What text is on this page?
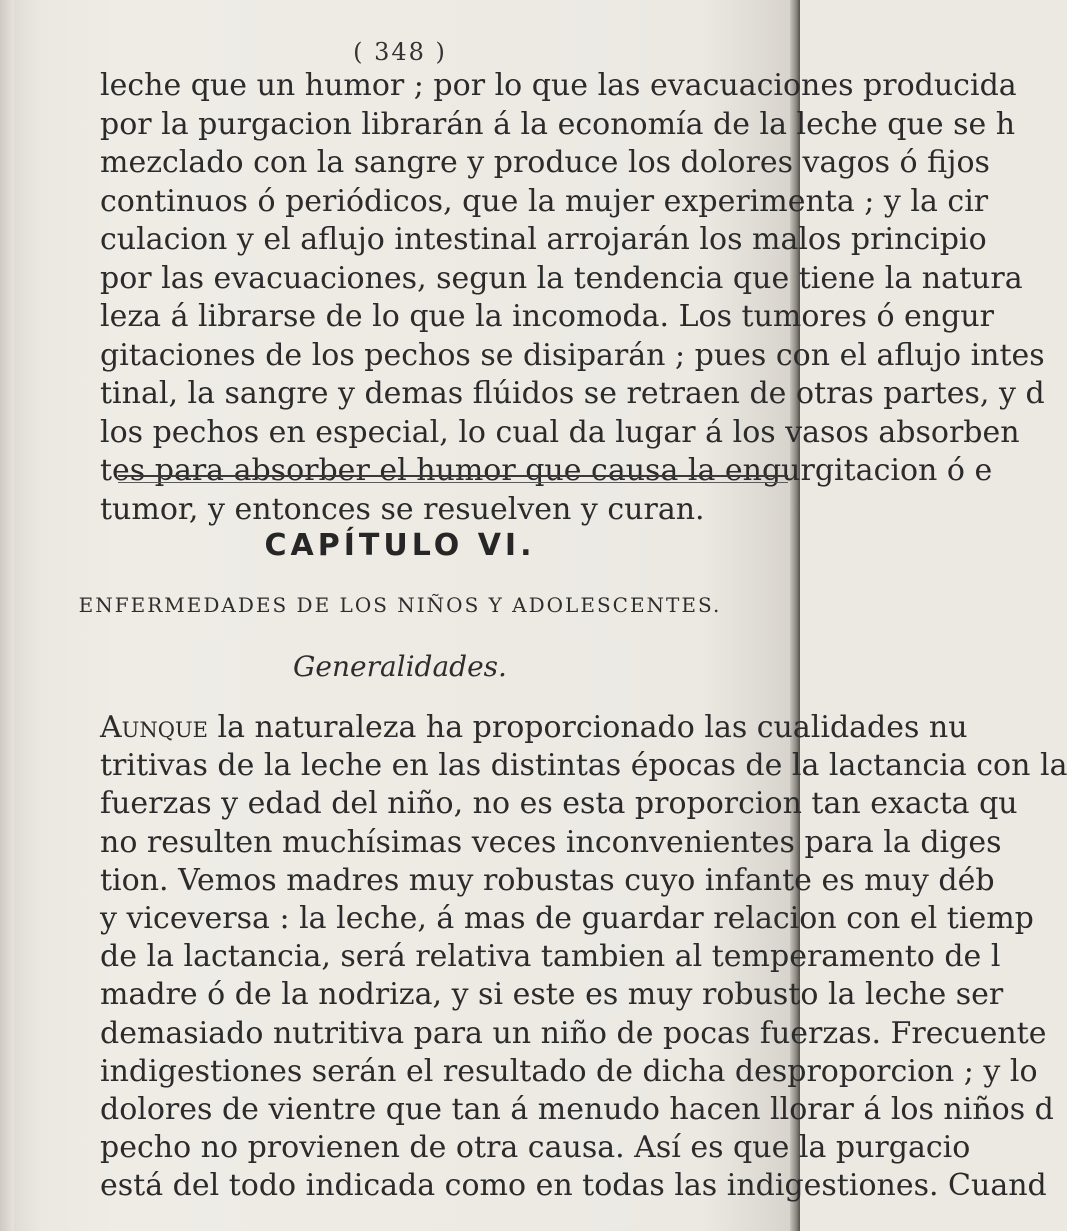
( 348 )
leche que un humor ; por lo que las evacuaciones producida
por la purgacion librarán á la economía de la leche que se h
mezclado con la sangre y produce los dolores vagos ó fijos
continuos ó periódicos, que la mujer experimenta ; y la cir
culacion y el aflujo intestinal arrojarán los malos principio
por las evacuaciones, segun la tendencia que tiene la natura
leza á librarse de lo que la incomoda. Los tumores ó engur
gitaciones de los pechos se disiparán ; pues con el aflujo intes
tinal, la sangre y demas flúidos se retraen de otras partes, y d
los pechos en especial, lo cual da lugar á los vasos absorben
tes para absorber el humor que causa la engurgitacion ó e
tumor, y entonces se resuelven y curan.
CAPÍTULO VI.
ENFERMEDADES DE LOS NIÑOS Y ADOLESCENTES.
Generalidades.
Aunque la naturaleza ha proporcionado las cualidades nu
tritivas de la leche en las distintas épocas de la lactancia con la
fuerzas y edad del niño, no es esta proporcion tan exacta qu
no resulten muchísimas veces inconvenientes para la diges
tion. Vemos madres muy robustas cuyo infante es muy déb
y viceversa : la leche, á mas de guardar relacion con el tiemp
de la lactancia, será relativa tambien al temperamento de l
madre ó de la nodriza, y si este es muy robusto la leche ser
demasiado nutritiva para un niño de pocas fuerzas. Frecuente
indigestiones serán el resultado de dicha desproporcion ; y lo
dolores de vientre que tan á menudo hacen llorar á los niños d
pecho no provienen de otra causa. Así es que la purgacio
está del todo indicada como en todas las indigestiones. Cuand
